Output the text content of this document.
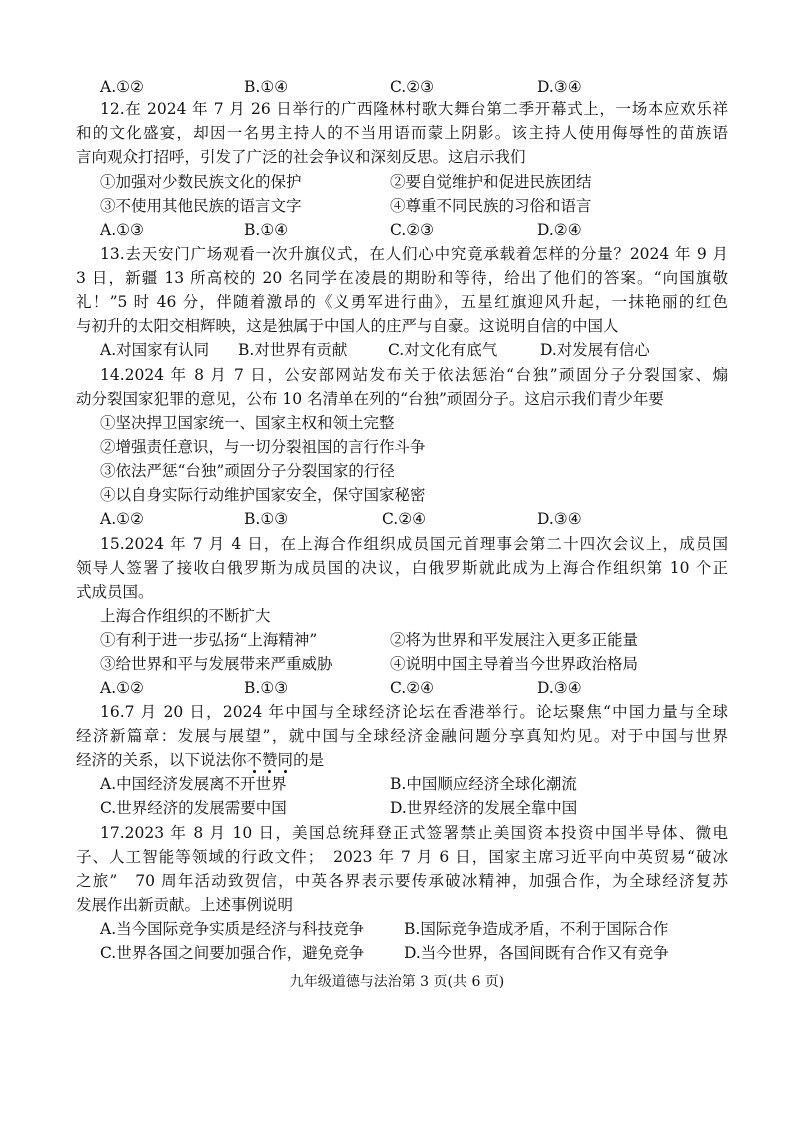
A.①②	B.①④	C.②③	D.③④
12.在 2024 年 7 月 26 日举行的广西隆林村歌大舞台第二季开幕式上，一场本应欢乐祥
和的文化盛宴，却因一名男主持人的不当用语而蒙上阴影。该主持人使用侮辱性的苗族语
言向观众打招呼，引发了广泛的社会争议和深刻反思。这启示我们
①加强对少数民族文化的保护	②要自觉维护和促进民族团结
③不使用其他民族的语言文字	④尊重不同民族的习俗和语言
A.①③	B.①④	C.②③	D.②④
13.去天安门广场观看一次升旗仪式，在人们心中究竟承载着怎样的分量？2024 年 9 月
3 日，新疆 13 所高校的 20 名同学在凌晨的期盼和等待，给出了他们的答案。“向国旗敬
礼！”5 时 46 分，伴随着激昂的《义勇军进行曲》，五星红旗迎风升起，一抹艳丽的红色
与初升的太阳交相辉映，这是独属于中国人的庄严与自豪。这说明自信的中国人
A.对国家有认同 B.对世界有贡献	C.对文化有底气	D.对发展有信心
14.2024 年 8 月 7 日，公安部网站发布关于依法惩治“台独”顽固分子分裂国家、煽
动分裂国家犯罪的意见，公布 10 名清单在列的“台独”顽固分子。这启示我们青少年要
①坚决捍卫国家统一、国家主权和领土完整
②增强责任意识，与一切分裂祖国的言行作斗争
③依法严惩“台独”顽固分子分裂国家的行径
④以自身实际行动维护国家安全，保守国家秘密
A.①②	B.①③	C.②④	D.③④
15.2024 年 7 月 4 日，在上海合作组织成员国元首理事会第二十四次会议上，成员国
领导人签署了接收白俄罗斯为成员国的决议，白俄罗斯就此成为上海合作组织第 10 个正
式成员国。
上海合作组织的不断扩大
①有利于进一步弘扬“上海精神”	②将为世界和平发展注入更多正能量
③给世界和平与发展带来严重威胁	④说明中国主导着当今世界政治格局
A.①②	B.①③	C.②④	D.③④
16.7 月 20 日，2024 年中国与全球经济论坛在香港举行。论坛聚焦“中国力量与全球
经济新篇章：发展与展望”，就中国与全球经济金融问题分享真知灼见。对于中国与世界
经济的关系，以下说法你不赞同的是
A.中国经济发展离不开世界	B.中国顺应经济全球化潮流
C.世界经济的发展需要中国	D.世界经济的发展全靠中国
17.2023 年 8 月 10 日，美国总统拜登正式签署禁止美国资本投资中国半导体、微电
子、人工智能等领域的行政文件；　2023 年 7 月 6 日，国家主席习近平向中英贸易“破冰
之旅”　70 周年活动致贺信，中英各界表示要传承破冰精神，加强合作，为全球经济复苏
发展作出新贡献。上述事例说明
A.当今国际竞争实质是经济与科技竞争	B.国际竞争造成矛盾，不利于国际合作
C.世界各国之间要加强合作，避免竞争	D.当今世界，各国间既有合作又有竞争
九年级道德与法治第 3 页(共 6 页)
